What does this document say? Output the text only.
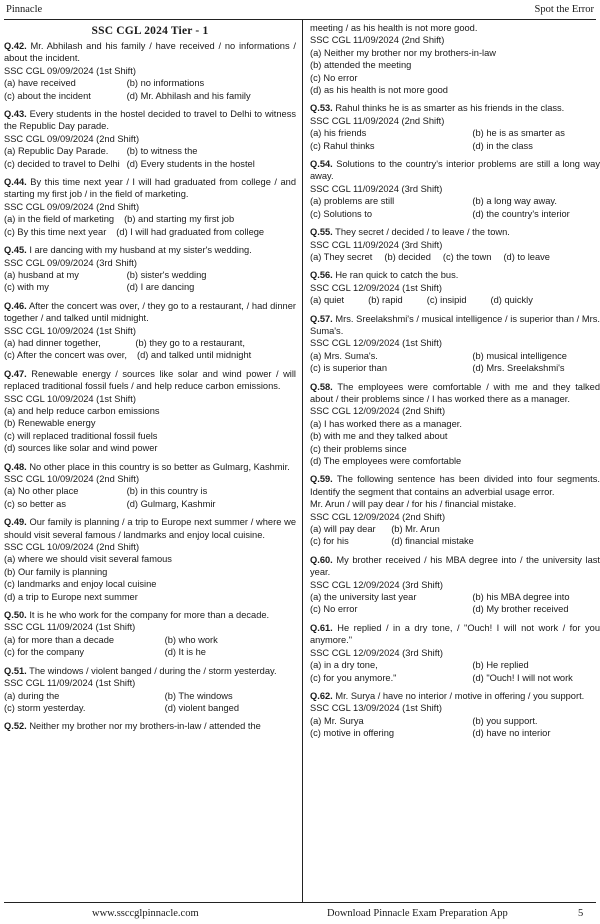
Pinnacle	Spot the Error
SSC CGL 2024 Tier - 1
Q.42. Mr. Abhilash and his family / have received / no informations / about the incident.
SSC CGL 09/09/2024 (1st Shift)
(a) have received	(b) no informations
(c) about the incident	(d) Mr. Abhilash and his family
Q.43. Every students in the hostel decided to travel to Delhi to witness the Republic Day parade.
SSC CGL 09/09/2024 (2nd Shift)
(a) Republic Day Parade.	(b) to witness the
(c) decided to travel to Delhi (d) Every students in the hostel
Q.44. By this time next year / I will had graduated from college / and starting my first job / in the field of marketing.
SSC CGL 09/09/2024 (2nd Shift)
(a) in the field of marketing (b) and starting my first job
(c) By this time next year (d) I will had graduated from college
Q.45. I are dancing with my husband at my sister's wedding.
SSC CGL 09/09/2024 (3rd Shift)
(a) husband at my	(b) sister's wedding
(c) with my	(d) I are dancing
Q.46. After the concert was over, / they go to a restaurant, / had dinner together / and talked until midnight.
SSC CGL 10/09/2024 (1st Shift)
(a) had dinner together,	(b) they go to a restaurant,
(c) After the concert was over, (d) and talked until midnight
Q.47. Renewable energy / sources like solar and wind power / will replaced traditional fossil fuels / and help reduce carbon emissions.
SSC CGL 10/09/2024 (1st Shift)
(a) and help reduce carbon emissions
(b) Renewable energy
(c) will replaced traditional fossil fuels
(d) sources like solar and wind power
Q.48. No other place in this country is so better as Gulmarg, Kashmir.
SSC CGL 10/09/2024 (2nd Shift)
(a) No other place	(b) in this country is
(c) so better as	(d) Gulmarg, Kashmir
Q.49. Our family is planning / a trip to Europe next summer / where we should visit several famous / landmarks and enjoy local cuisine.
SSC CGL 10/09/2024 (2nd Shift)
(a) where we should visit several famous
(b) Our family is planning
(c) landmarks and enjoy local cuisine
(d) a trip to Europe next summer
Q.50. It is he who work for the company for more than a decade.
SSC CGL 11/09/2024 (1st Shift)
(a) for more than a decade	(b) who work
(c) for the company	(d) It is he
Q.51. The windows / violent banged / during the / storm yesterday.
SSC CGL 11/09/2024 (1st Shift)
(a) during the	(b) The windows
(c) storm yesterday.	(d) violent banged
Q.52. Neither my brother nor my brothers-in-law / attended the
meeting / as his health is not more good.
SSC CGL 11/09/2024 (2nd Shift)
(a) Neither my brother nor my brothers-in-law
(b) attended the meeting
(c) No error
(d) as his health is not more good
Q.53. Rahul thinks he is as smarter as his friends in the class.
SSC CGL 11/09/2024 (2nd Shift)
(a) his friends	(b) he is as smarter as
(c) Rahul thinks	(d) in the class
Q.54. Solutions to the country's interior problems are still a long way away.
SSC CGL 11/09/2024 (3rd Shift)
(a) problems are still	(b) a long way away.
(c) Solutions to	(d) the country's interior
Q.55. They secret / decided / to leave / the town.
SSC CGL 11/09/2024 (3rd Shift)
(a) They secret (b) decided (c) the town (d) to leave
Q.56. He ran quick to catch the bus.
SSC CGL 12/09/2024 (1st Shift)
(a) quiet	(b) rapid	(c) insipid	(d) quickly
Q.57. Mrs. Sreelakshmi's / musical intelligence / is superior than / Mrs. Suma's.
SSC CGL 12/09/2024 (1st Shift)
(a) Mrs. Suma's.	(b) musical intelligence
(c) is superior than	(d) Mrs. Sreelakshmi's
Q.58. The employees were comfortable / with me and they talked about / their problems since / I has worked there as a manager.
SSC CGL 12/09/2024 (2nd Shift)
(a) I has worked there as a manager.
(b) with me and they talked about
(c) their problems since
(d) The employees were comfortable
Q.59. The following sentence has been divided into four segments. Identify the segment that contains an adverbial usage error.
Mr. Arun / will pay dear / for his / financial mistake.
SSC CGL 12/09/2024 (2nd Shift)
(a) will pay dear	(b) Mr. Arun
(c) for his	(d) financial mistake
Q.60. My brother received / his MBA degree into / the university last year.
SSC CGL 12/09/2024 (3rd Shift)
(a) the university last year	(b) his MBA degree into
(c) No error	(d) My brother received
Q.61. He replied / in a dry tone, / "Ouch! I will not work / for you anymore."
SSC CGL 12/09/2024 (3rd Shift)
(a) in a dry tone,	(b) He replied
(c) for you anymore."	(d) "Ouch! I will not work
Q.62. Mr. Surya / have no interior / motive in offering / you support.
SSC CGL 13/09/2024 (1st Shift)
(a) Mr. Surya	(b) you support.
(c) motive in offering	(d) have no interior
www.ssccglpinnacle.com	Download Pinnacle Exam Preparation App	5
